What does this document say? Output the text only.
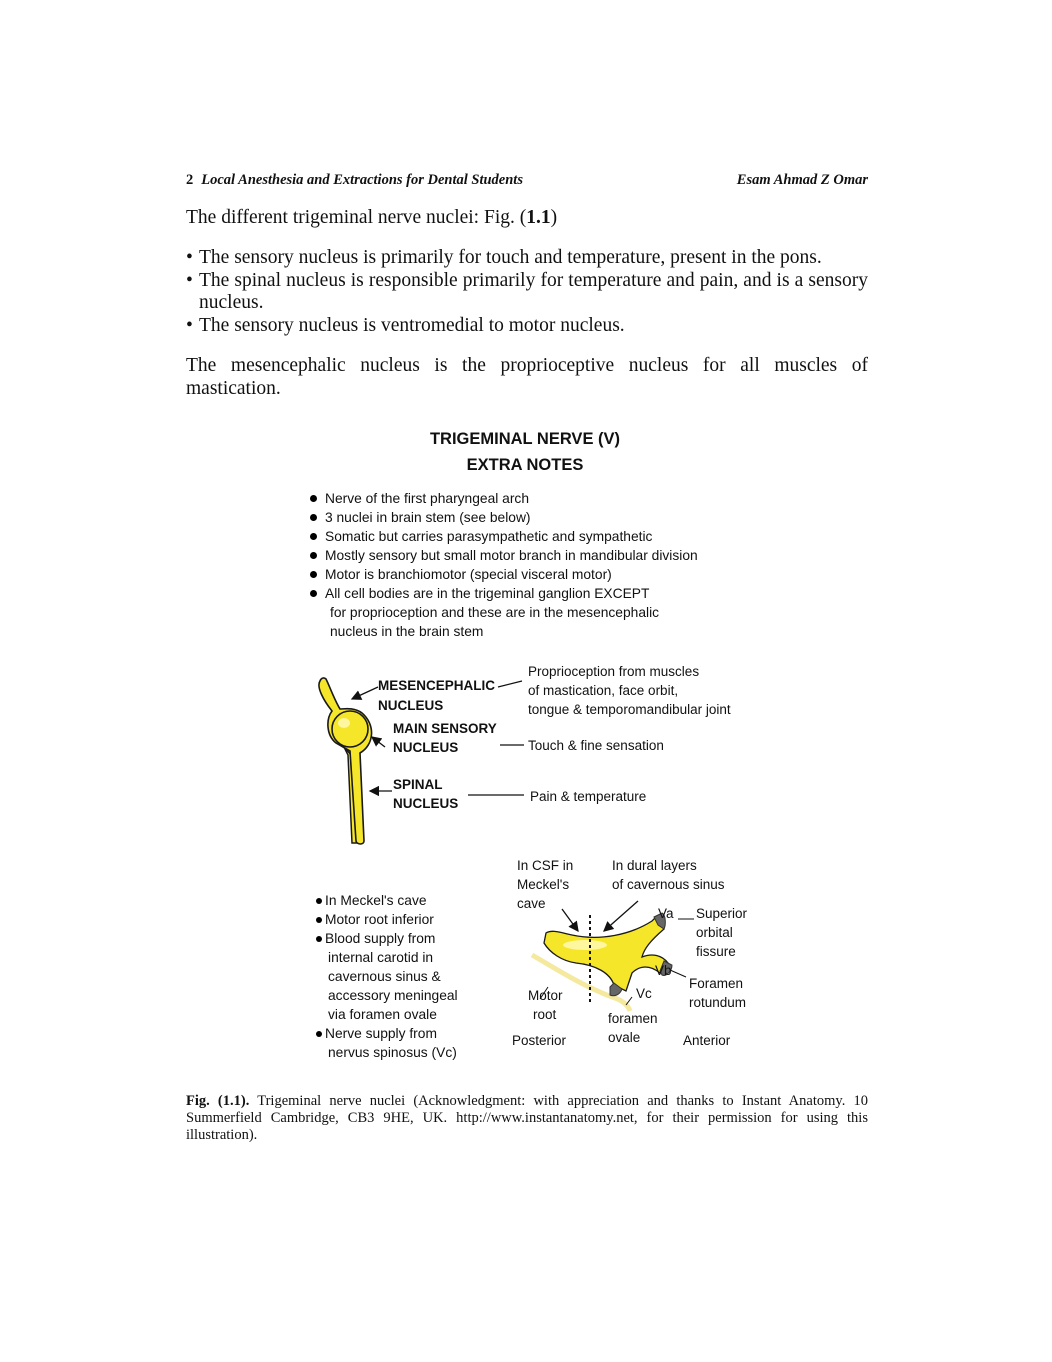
2 Local Anesthesia and Extractions for Dental Students	Esam Ahmad Z Omar
The different trigeminal nerve nuclei: Fig. (1.1)
• The sensory nucleus is primarily for touch and temperature, present in the pons.
• The spinal nucleus is responsible primarily for temperature and pain, and is a sensory nucleus.
• The sensory nucleus is ventromedial to motor nucleus.
The mesencephalic nucleus is the proprioceptive nucleus for all muscles of
mastication.
TRIGEMINAL NERVE (V)
EXTRA NOTES
Nerve of the first pharyngeal arch
3 nuclei in brain stem (see below)
Somatic but carries parasympathetic and sympathetic
Mostly sensory but small motor branch in mandibular division
Motor is branchiomotor (special visceral motor)
All cell bodies are in the trigeminal ganglion EXCEPT
for proprioception and these are in the mesencephalic
nucleus in the brain stem
MESENCEPHALIC
NUCLEUS
MAIN SENSORY
NUCLEUS
SPINAL
NUCLEUS
Proprioception from muscles
of mastication, face orbit,
tongue & temporomandibular joint
Touch & fine sensation
Pain & temperature
In Meckel's cave
Motor root inferior
Blood supply from
internal carotid in
cavernous sinus &
accessory meningeal
via foramen ovale
Nerve supply from
nervus spinosus (Vc)
In CSF in
Meckel's
cave
In dural layers
of cavernous sinus
Va Superior
orbital
fissure
Vb
Foramen
rotundum
Vc
Motor
root	foramen
ovale
Posterior	Anterior
Fig. (1.1). Trigeminal nerve nuclei (Acknowledgment: with appreciation and thanks to Instant Anatomy. 10 Summerfield Cambridge, CB3 9HE, UK. http://www.instantanatomy.net, for their permission for using this illustration).
